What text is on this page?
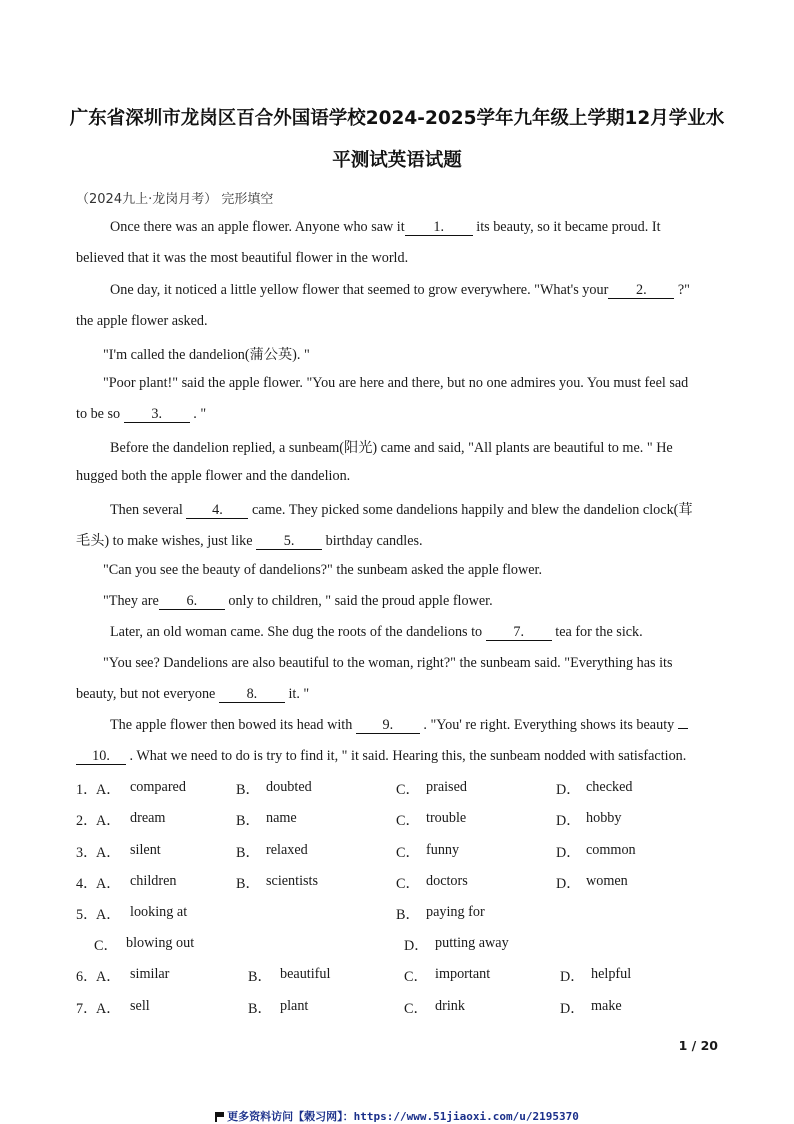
广东省深圳市龙岗区百合外国语学校2024-2025学年九年级上学期12月学业水
平测试英语试题
（2024九上·龙岗月考） 完形填空
Once there was an apple flower. Anyone who saw it 1. its beauty, so it became proud. It
believed that it was the most beautiful flower in the world.
One day, it noticed a little yellow flower that seemed to grow everywhere. "What's your 2. ?"
the apple flower asked.
"I'm called the dandelion(蒲公英). "
"Poor plant!" said the apple flower. "You are here and there, but no one admires you. You must feel sad
to be so 3. . "
Before the dandelion replied, a sunbeam(阳光) came and said, "All plants are beautiful to me. " He
hugged both the apple flower and the dandelion.
Then several 4. came. They picked some dandelions happily and blew the dandelion clock(茸
毛头) to make wishes, just like 5. birthday candles.
"Can you see the beauty of dandelions?" the sunbeam asked the apple flower.
"They are 6. only to children, " said the proud apple flower.
Later, an old woman came. She dug the roots of the dandelions to 7. tea for the sick.
"You see? Dandelions are also beautiful to the woman, right?" the sunbeam said. "Everything has its
beauty, but not everyone 8. it. "
The apple flower then bowed its head with 9. . "You' re right. Everything shows its beauty
10. . What we need to do is try to find it, " it said. Hearing this, the sunbeam nodded with satisfaction.
1．
A． compared	B． doubted	C． praised	D． checked
2．
A． dream	B． name	C． trouble	D． hobby
3．
A． silent	B． relaxed	C． funny	D． common
4．
A． children	B． scientists	C． doctors	D． women
5．
A． looking at	B． paying for
C． blowing out	D． putting away
6．
A． similar	B． beautiful	C． important	D． helpful
7．
A． sell	B． plant	C． drink	D． make
1 / 20
更多资料访问【榖习网】：https://www.51jiaoxi.com/u/2195370
